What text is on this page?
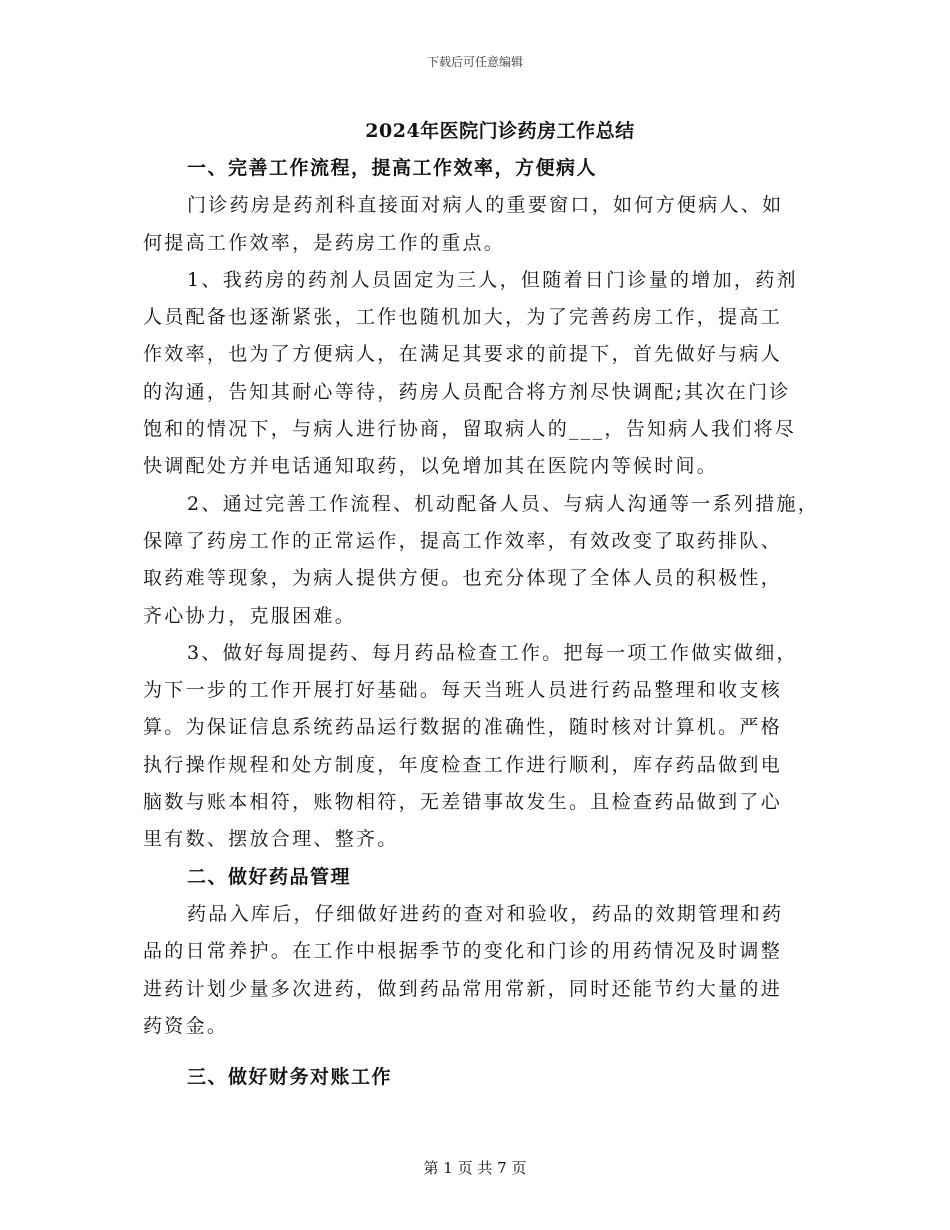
下载后可任意编辑
2024年医院门诊药房工作总结
一、完善工作流程，提高工作效率，方便病人
门诊药房是药剂科直接面对病人的重要窗口，如何方便病人、如
何提高工作效率，是药房工作的重点。
1、我药房的药剂人员固定为三人，但随着日门诊量的增加，药剂
人员配备也逐渐紧张，工作也随机加大，为了完善药房工作，提高工
作效率，也为了方便病人，在满足其要求的前提下，首先做好与病人
的沟通，告知其耐心等待，药房人员配合将方剂尽快调配;其次在门诊
饱和的情况下，与病人进行协商，留取病人的___，告知病人我们将尽
快调配处方并电话通知取药，以免增加其在医院内等候时间。
2、通过完善工作流程、机动配备人员、与病人沟通等一系列措施，
保障了药房工作的正常运作，提高工作效率，有效改变了取药排队、
取药难等现象，为病人提供方便。也充分体现了全体人员的积极性，
齐心协力，克服困难。
3、做好每周提药、每月药品检查工作。把每一项工作做实做细，
为下一步的工作开展打好基础。每天当班人员进行药品整理和收支核
算。为保证信息系统药品运行数据的准确性，随时核对计算机。严格
执行操作规程和处方制度，年度检查工作进行顺利，库存药品做到电
脑数与账本相符，账物相符，无差错事故发生。且检查药品做到了心
里有数、摆放合理、整齐。
二、做好药品管理
药品入库后，仔细做好进药的查对和验收，药品的效期管理和药
品的日常养护。在工作中根据季节的变化和门诊的用药情况及时调整
进药计划少量多次进药，做到药品常用常新，同时还能节约大量的进
药资金。
三、做好财务对账工作
第 1 页 共 7 页
